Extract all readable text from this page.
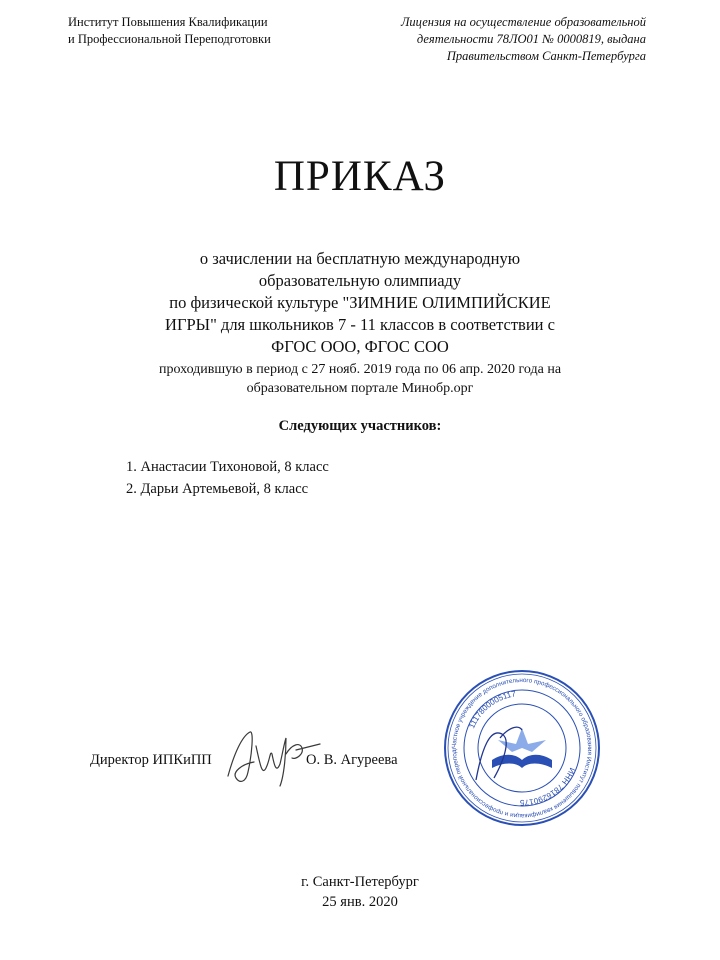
Институт Повышения Квалификации
и Профессиональной Переподготовки
Лицензия на осуществление образовательной
деятельности 78ЛО01 № 0000819, выдана
Правительством Санкт-Петербурга
ПРИКАЗ
о зачислении на бесплатную международную
образовательную олимпиаду
по физической культуре "ЗИМНИЕ ОЛИМПИЙСКИЕ
ИГРЫ" для школьников 7 - 11 классов в соответствии с
ФГОС ООО, ФГОС СОО
проходившую в период с 27 нояб. 2019 года по 06 апр. 2020 года на
образовательном портале Минобр.орг
Следующих участников:
1. Анастасии Тихоновой, 8 класс
2. Дарьи Артемьевой, 8 класс
Директор ИПКиПП	О. В. Агуреева
Частное учреждение дополнительного профессионального образования Институт повышения квалификации и профессиональной переподг
1117800005117
ИНН 7816290175
г. Санкт-Петербург
25 янв. 2020
